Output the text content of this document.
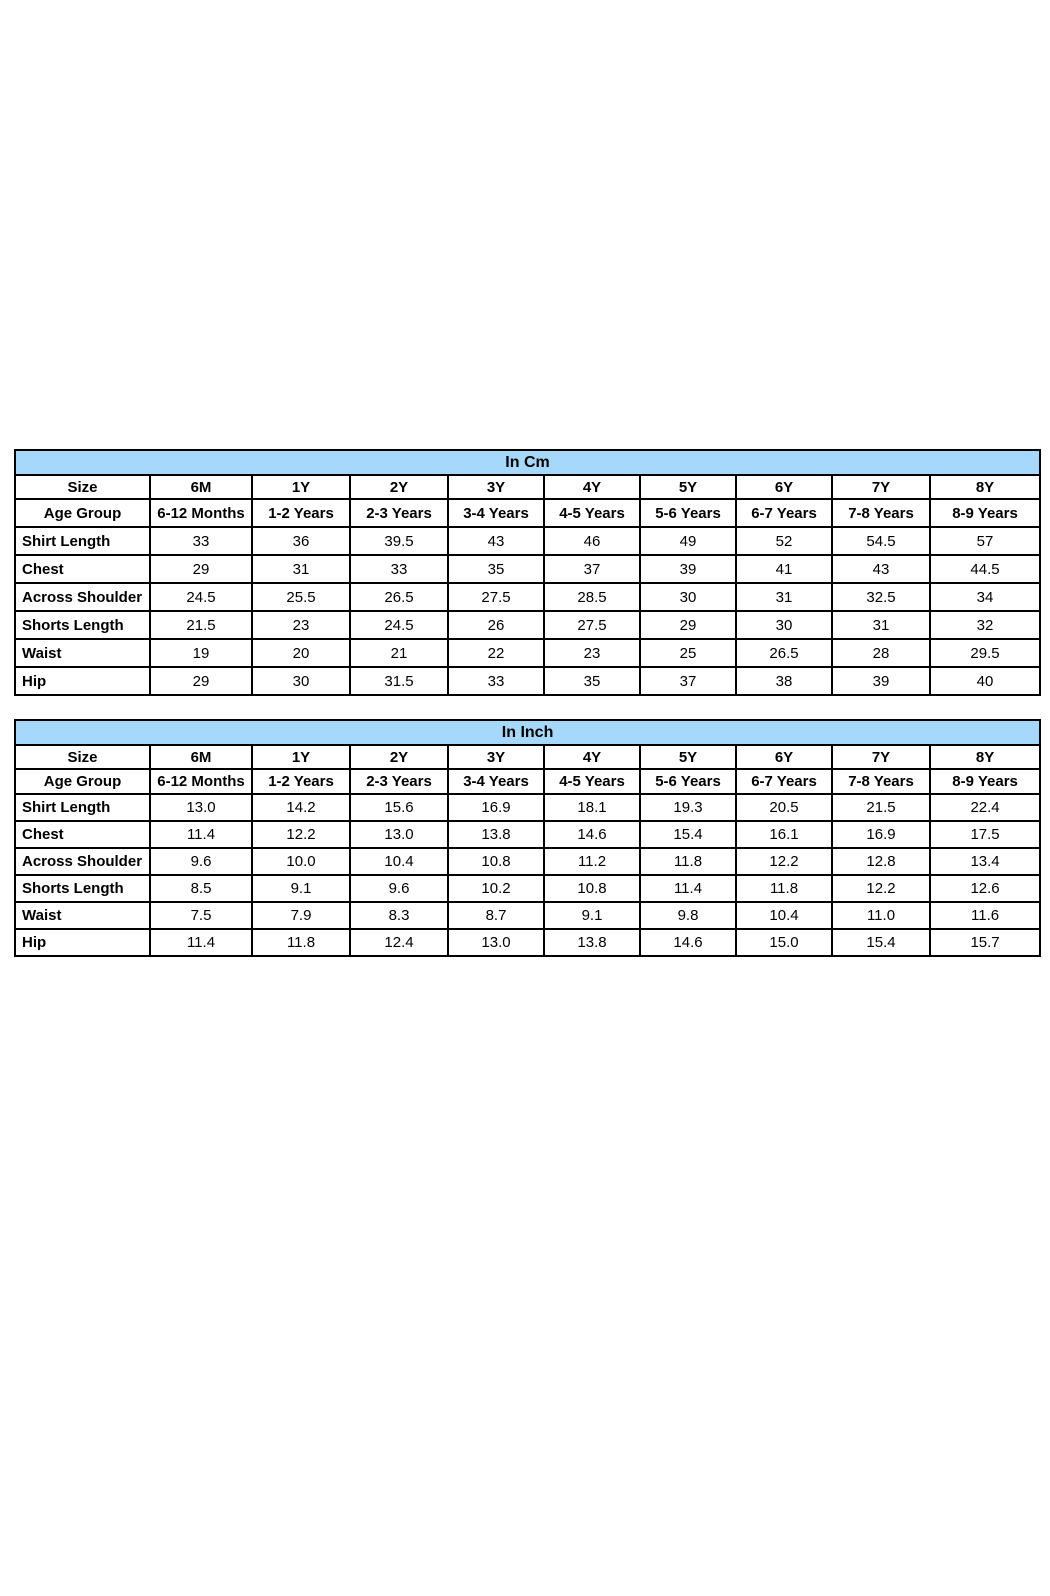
In Cm									
Size	6M	1Y	2Y	3Y	4Y	5Y	6Y	7Y	8Y
Age Group	6-12 Months	1-2 Years	2-3 Years	3-4 Years	4-5 Years	5-6 Years	6-7 Years	7-8 Years	8-9 Years
Shirt Length	33	36	39.5	43	46	49	52	54.5	57
Chest	29	31	33	35	37	39	41	43	44.5
Across Shoulder	24.5	25.5	26.5	27.5	28.5	30	31	32.5	34
Shorts Length	21.5	23	24.5	26	27.5	29	30	31	32
Waist	19	20	21	22	23	25	26.5	28	29.5
Hip	29	30	31.5	33	35	37	38	39	40
In Inch									
Size	6M	1Y	2Y	3Y	4Y	5Y	6Y	7Y	8Y
Age Group	6-12 Months	1-2 Years	2-3 Years	3-4 Years	4-5 Years	5-6 Years	6-7 Years	7-8 Years	8-9 Years
Shirt Length	13.0	14.2	15.6	16.9	18.1	19.3	20.5	21.5	22.4
Chest	11.4	12.2	13.0	13.8	14.6	15.4	16.1	16.9	17.5
Across Shoulder	9.6	10.0	10.4	10.8	11.2	11.8	12.2	12.8	13.4
Shorts Length	8.5	9.1	9.6	10.2	10.8	11.4	11.8	12.2	12.6
Waist	7.5	7.9	8.3	8.7	9.1	9.8	10.4	11.0	11.6
Hip	11.4	11.8	12.4	13.0	13.8	14.6	15.0	15.4	15.7
